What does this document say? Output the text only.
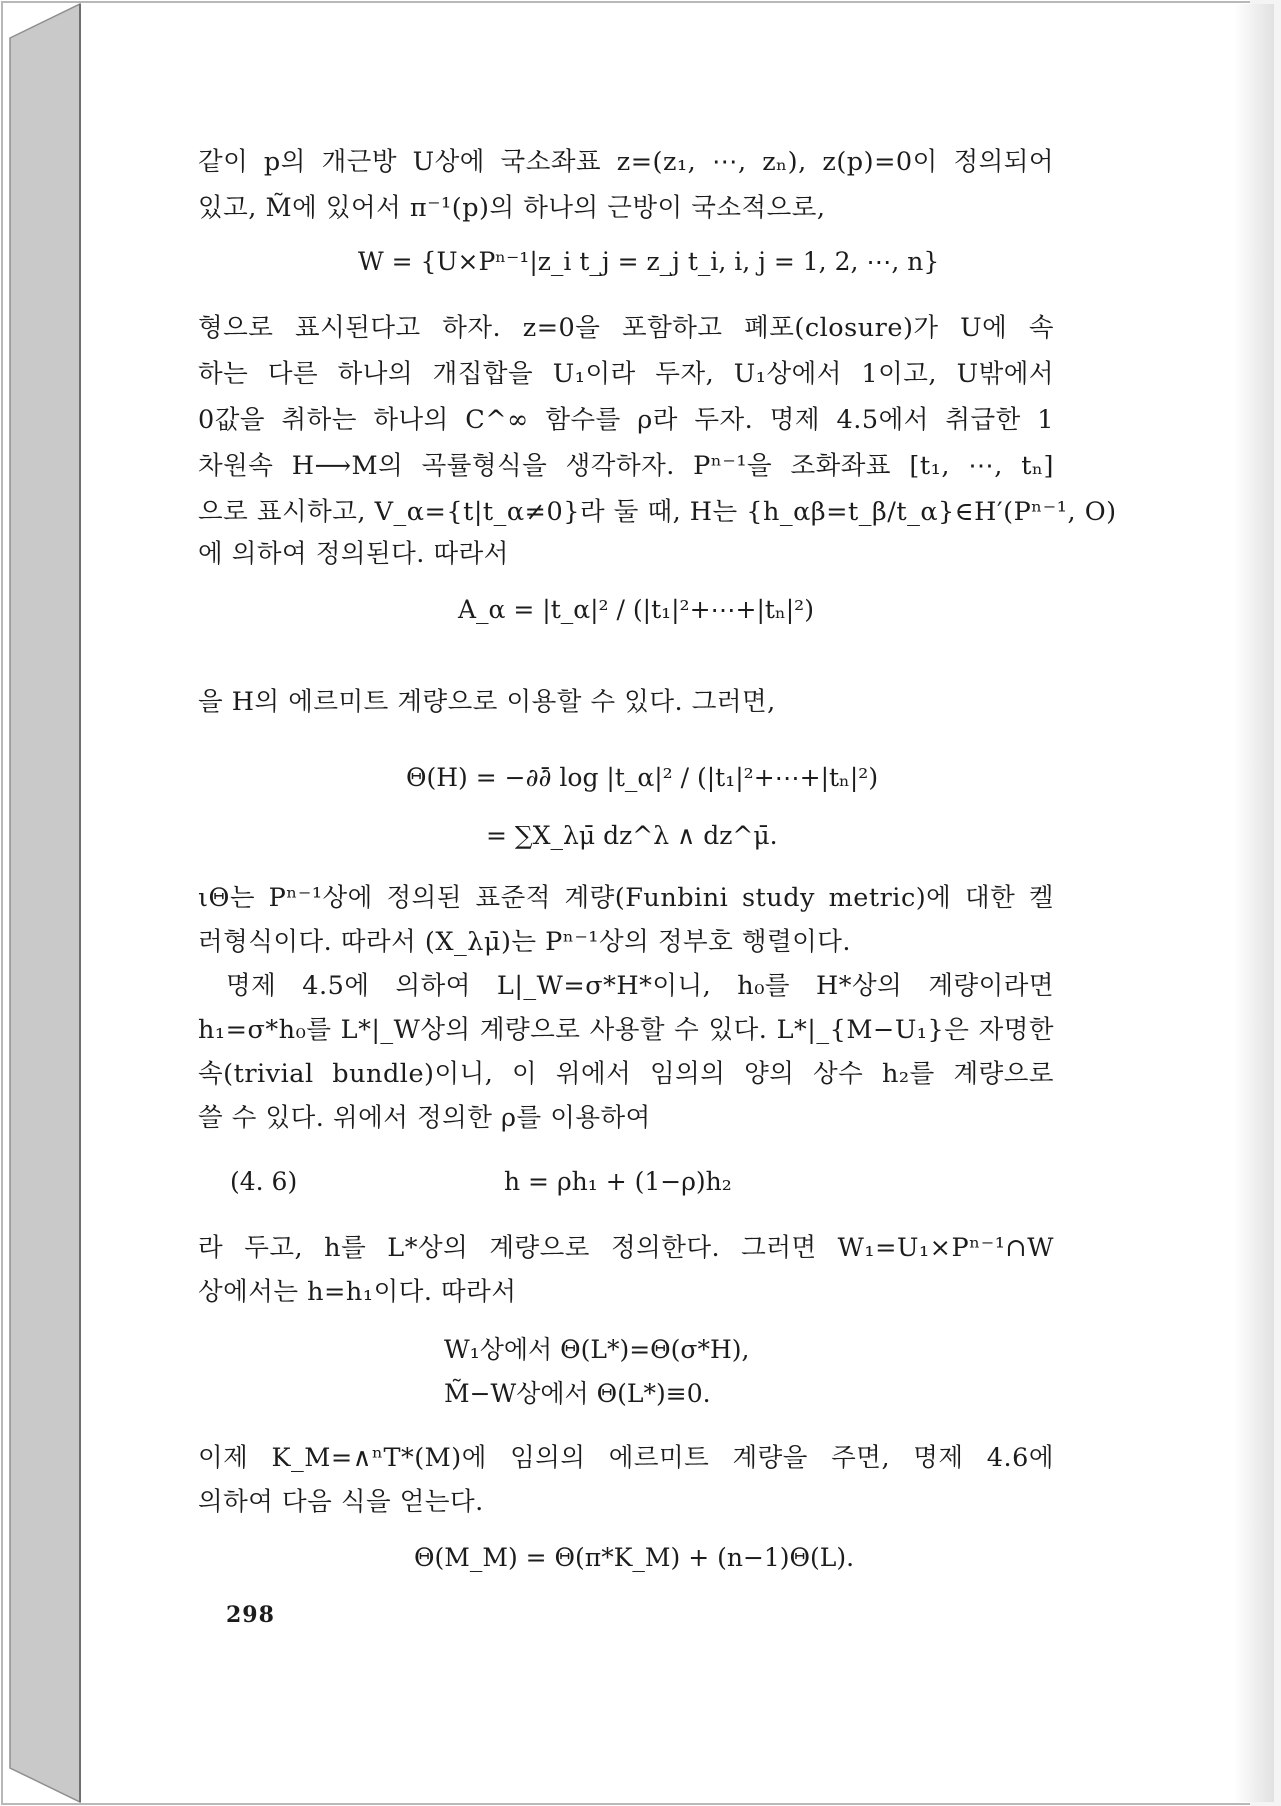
같이 p의 개근방 U상에 국소좌표 z=(z₁, ⋯, zₙ), z(p)=0이 정의되어
있고, M̃에 있어서 π⁻¹(p)의 하나의 근방이 국소적으로,
W = {U×Pⁿ⁻¹|z_i t_j = z_j t_i, i, j = 1, 2, ⋯, n}
형으로 표시된다고 하자. z=0을 포함하고 폐포(closure)가 U에 속
하는 다른 하나의 개집합을 U₁이라 두자, U₁상에서 1이고, U밖에서
0값을 취하는 하나의 C^∞ 함수를 ρ라 두자. 명제 4.5에서 취급한 1
차원속 H⟶M의 곡률형식을 생각하자. Pⁿ⁻¹을 조화좌표 [t₁, ⋯, tₙ]
으로 표시하고, V_α={t|t_α≠0}라 둘 때, H는 {h_αβ=t_β/t_α}∈H′(Pⁿ⁻¹, O)
에 의하여 정의된다. 따라서
A_α = |t_α|² / (|t₁|²+⋯+|tₙ|²)
을 H의 에르미트 계량으로 이용할 수 있다. 그러면,
Θ(H) = −∂∂̄ log |t_α|² / (|t₁|²+⋯+|tₙ|²)
= ∑X_λμ̄ dz^λ ∧ dz^μ̄.
ιΘ는 Pⁿ⁻¹상에 정의된 표준적 계량(Funbini study metric)에 대한 켈
러형식이다. 따라서 (X_λμ̄)는 Pⁿ⁻¹상의 정부호 행렬이다.
명제 4.5에 의하여 L|_W=σ*H*이니, h₀를 H*상의 계량이라면
h₁=σ*h₀를 L*|_W상의 계량으로 사용할 수 있다. L*|_{M−U₁}은 자명한
속(trivial bundle)이니, 이 위에서 임의의 양의 상수 h₂를 계량으로
쓸 수 있다. 위에서 정의한 ρ를 이용하여
(4. 6)	h = ρh₁ + (1−ρ)h₂
라 두고, h를 L*상의 계량으로 정의한다. 그러면 W₁=U₁×Pⁿ⁻¹∩W
상에서는 h=h₁이다. 따라서
W₁상에서 Θ(L*)=Θ(σ*H),
M̃−W상에서 Θ(L*)≡0.
이제 K_M=∧ⁿT*(M)에 임의의 에르미트 계량을 주면, 명제 4.6에
의하여 다음 식을 얻는다.
Θ(M_M) = Θ(π*K_M) + (n−1)Θ(L).
298
